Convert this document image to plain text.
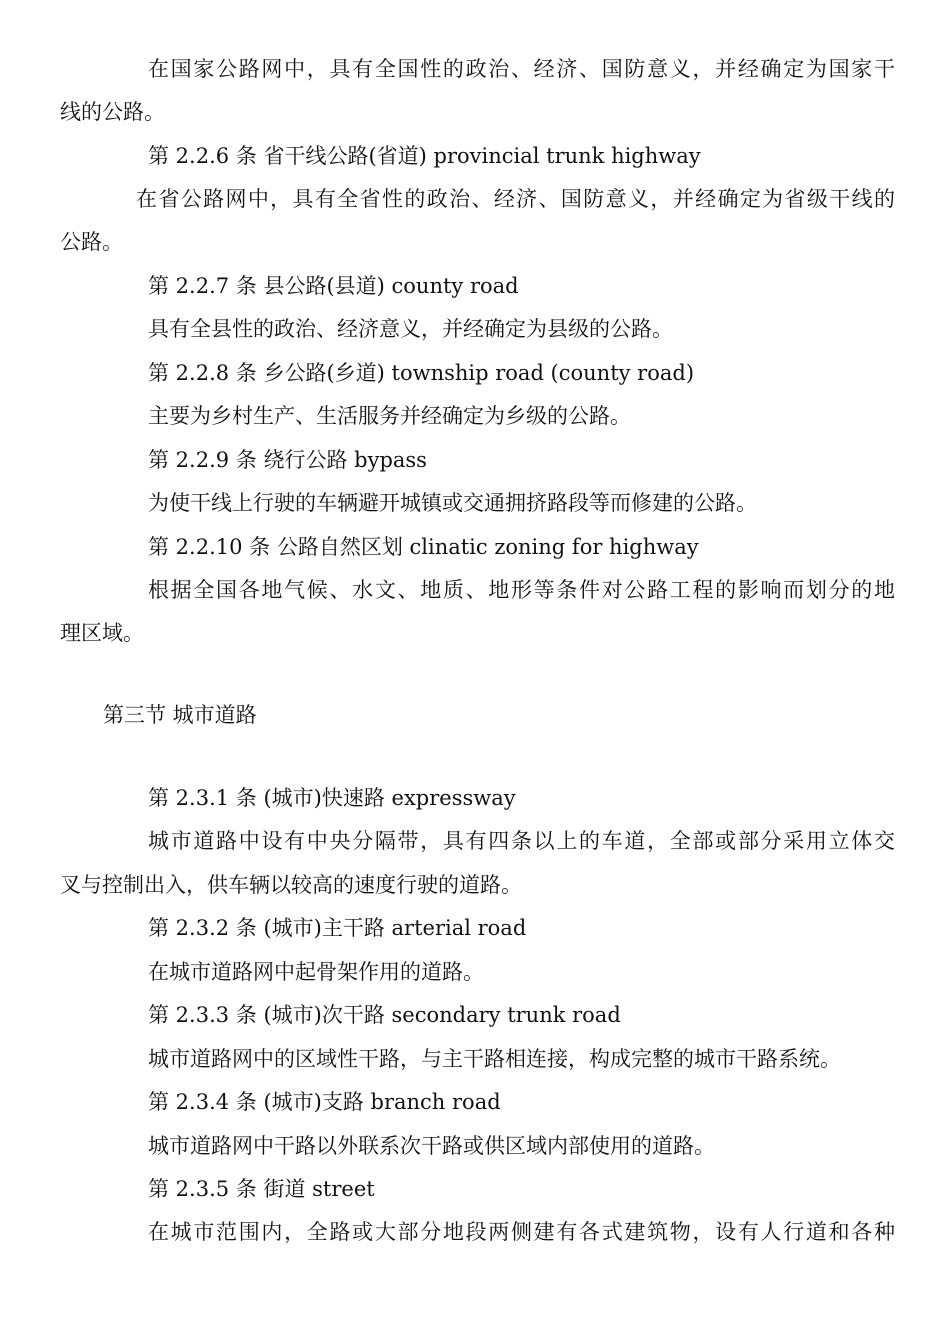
在国家公路网中，具有全国性的政治、经济、国防意义，并经确定为国家干
线的公路。
第 2.2.6 条 省干线公路(省道) provincial trunk highway
在省公路网中，具有全省性的政治、经济、国防意义，并经确定为省级干线的
公路。
第 2.2.7 条 县公路(县道) county road
具有全县性的政治、经济意义，并经确定为县级的公路。
第 2.2.8 条 乡公路(乡道) township road (county road)
主要为乡村生产、生活服务并经确定为乡级的公路。
第 2.2.9 条 绕行公路 bypass
为使干线上行驶的车辆避开城镇或交通拥挤路段等而修建的公路。
第 2.2.10 条 公路自然区划 clinatic zoning for highway
根据全国各地气候、水文、地质、地形等条件对公路工程的影响而划分的地
理区域。
第三节 城市道路
第 2.3.1 条 (城市)快速路 expressway
城市道路中设有中央分隔带，具有四条以上的车道，全部或部分采用立体交
叉与控制出入，供车辆以较高的速度行驶的道路。
第 2.3.2 条 (城市)主干路 arterial road
在城市道路网中起骨架作用的道路。
第 2.3.3 条 (城市)次干路 secondary trunk road
城市道路网中的区域性干路，与主干路相连接，构成完整的城市干路系统。
第 2.3.4 条 (城市)支路 branch road
城市道路网中干路以外联系次干路或供区域内部使用的道路。
第 2.3.5 条 街道 street
在城市范围内，全路或大部分地段两侧建有各式建筑物，设有人行道和各种
